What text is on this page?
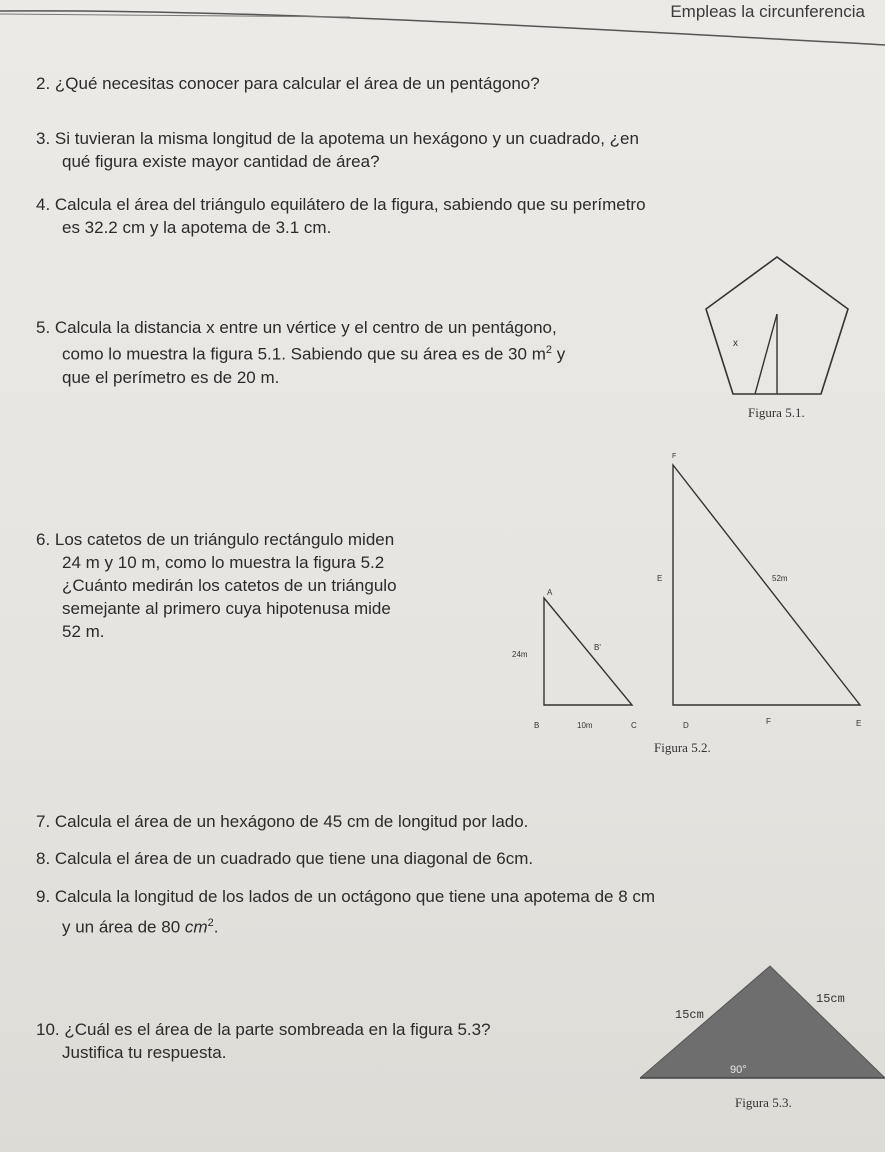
Empleas la circunferencia
2. ¿Qué necesitas conocer para calcular el área de un pentágono?
3. Si tuvieran la misma longitud de la apotema un hexágono y un cuadrado, ¿en
qué figura existe mayor cantidad de área?
4. Calcula el área del triángulo equilátero de la figura, sabiendo que su perímetro
es 32.2 cm y la apotema de 3.1 cm.
5. Calcula la distancia x entre un vértice y el centro de un pentágono,
como lo muestra la figura 5.1. Sabiendo que su área es de 30 $m^2$ y
que el perímetro es de 20 m.
x
Figura 5.1.
6. Los catetos de un triángulo rectángulo miden
24 m y 10 m, como lo muestra la figura 5.2
¿Cuánto medirán los catetos de un triángulo
semejante al primero cuya hipotenusa mide
52 m.
A
B'
24m
B	10m	C
F
E	52m
D	F	E
Figura 5.2.
7. Calcula el área de un hexágono de 45 cm de longitud por lado.
8. Calcula el área de un cuadrado que tiene una diagonal de 6cm.
9. Calcula la longitud de los lados de un octágono que tiene una apotema de 8 cm
y un área de 80 $cm^2$.
10. ¿Cuál es el área de la parte sombreada en la figura 5.3?
Justifica tu respuesta.
15cm
15cm
90°
Figura 5.3.
